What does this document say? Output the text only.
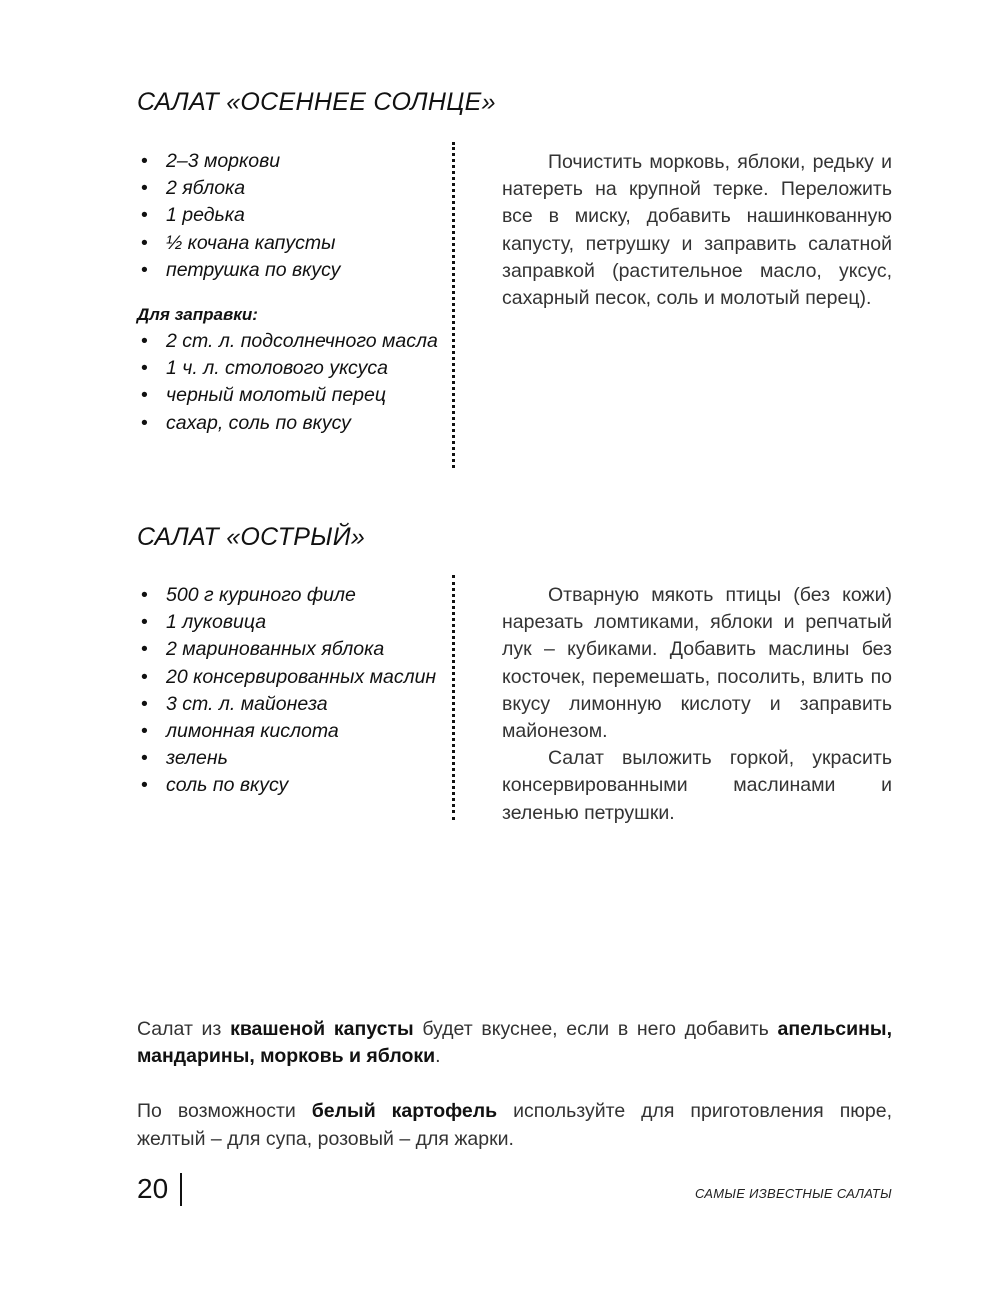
САЛАТ «ОСЕННЕЕ СОЛНЦЕ»
• 2–3 моркови
• 2 яблока
• 1 редька
• ½ кочана капусты
• петрушка по вкусу
Для заправки:
• 2 ст. л. подсолнечного масла
• 1 ч. л. столового уксуса
• черный молотый перец
• сахар, соль по вкусу

Почистить морковь, яблоки, редьку и натереть на крупной терке. Переложить все в миску, добавить нашинкованную капусту, петрушку и заправить салатной заправкой (растительное масло, уксус, сахарный песок, соль и молотый перец).

САЛАТ «ОСТРЫЙ»
• 500 г куриного филе
• 1 луковица
• 2 маринованных яблока
• 20 консервированных маслин
• 3 ст. л. майонеза
• лимонная кислота
• зелень
• соль по вкусу

Отварную мякоть птицы (без кожи) нарезать ломтиками, яблоки и репчатый лук – кубиками. Добавить маслины без косточек, перемешать, посолить, влить по вкусу лимонную кислоту и заправить майонезом.

Салат выложить горкой, украсить консервированными маслинами и зеленью петрушки.

Салат из квашеной капусты будет вкуснее, если в него добавить апельсины, мандарины, морковь и яблоки.

По возможности белый картофель используйте для приготовления пюре, желтый – для супа, розовый – для жарки.

20	САМЫЕ ИЗВЕСТНЫЕ САЛАТЫ
